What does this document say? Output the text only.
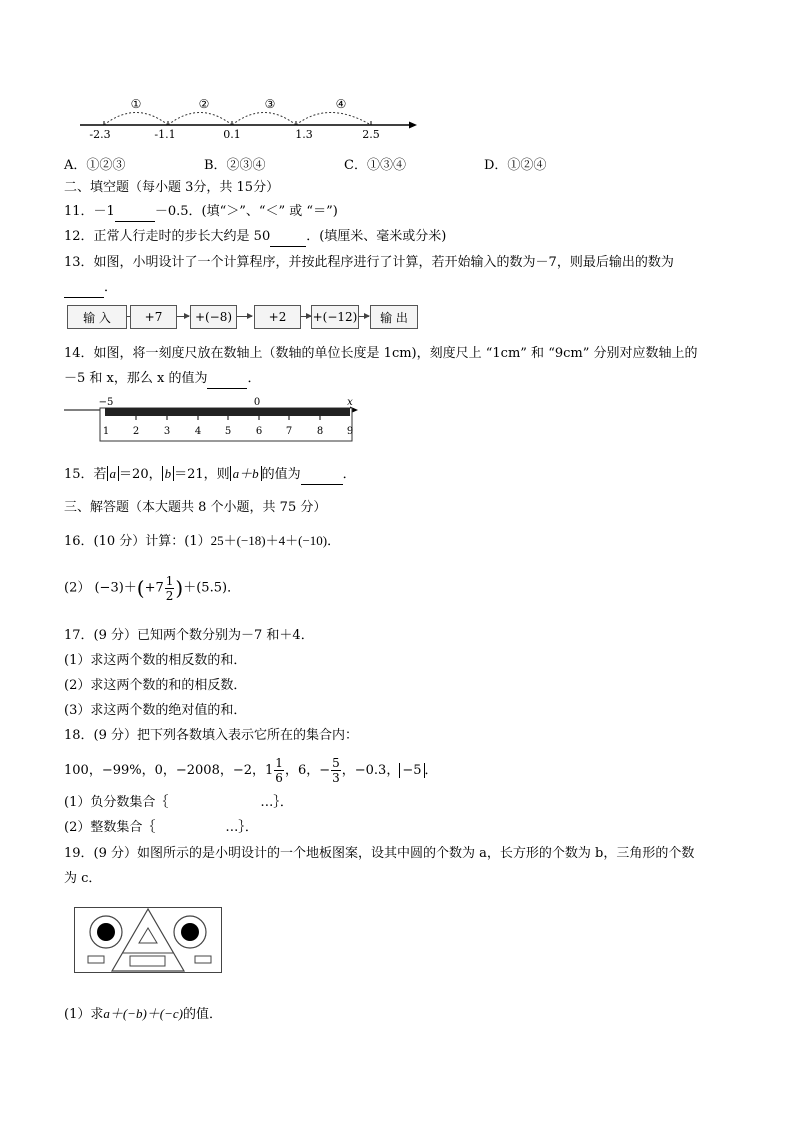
①	②	③	④
-2.3	-1.1	0.1	1.3	2.5
A．①②③	B．②③④	C．①③④	D．①②④
二、填空题（每小题 3分，共 15分）
11．－1	－0.5．(填“＞”、“＜” 或 “＝”)
12．正常人行走时的步长大约是 50	．(填厘米、毫米或分米)
13．如图，小明设计了一个计算程序，并按此程序进行了计算，若开始输入的数为－7，则最后输出的数为
．
输 入	+7	+(−8)	+2	+(−12)	输 出
14．如图，将一刻度尺放在数轴上（数轴的单位长度是 1cm)，刻度尺上 “1cm” 和 “9cm” 分别对应数轴上的
－5 和 x，那么 x 的值为	．
−5	0	x
1 2 3 4 5 6 7 8 9
15．若 a ＝20， b ＝21，则 a＋b 的值为	．
三、解答题（本大题共 8 个小题，共 75 分）
16．(10 分）计算：(1）25＋(−18)＋4＋(−10)．
(2） $(-3)+(+7 \frac{1}{2} )+(5.5)$．
17．(9 分）已知两个数分别为－7 和＋4．
(1）求这两个数的相反数的和．
(2）求这两个数的和的相反数．
(3）求这两个数的绝对值的和．
18．(9 分）把下列各数填入表示它所在的集合内：
100，−99%，0，−2008，−2，$1 \frac{1}{6}$ ，6，− $\frac{5}{3}$ ，−0.3， −5 ．
(1）负分数集合｛	…｝．
(2）整数集合｛	…｝．
19．(9 分）如图所示的是小明设计的一个地板图案，设其中圆的个数为 a，长方形的个数为 b，三角形的个数
为 c．
(1）求a＋(−b)＋(−c)的值．
